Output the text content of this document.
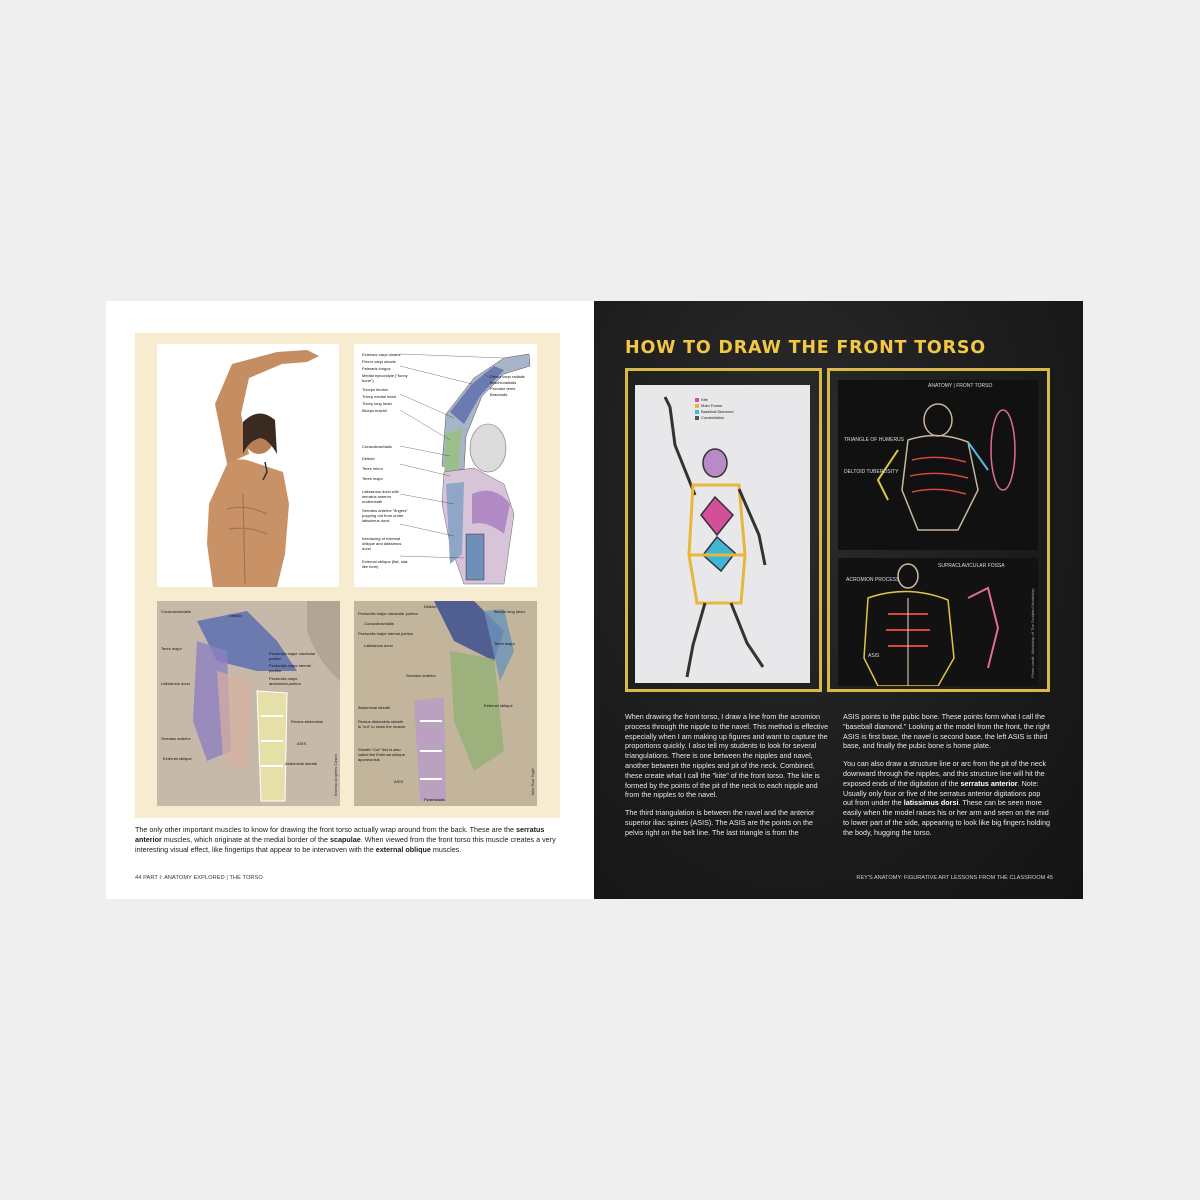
Extensor carpi ulnaris
Flexor carpi ulnaris
Palmaris longus
Medial epicondyle ("funny bone")
Triceps tendon
Tricep medial head
Tricep long head
Biceps brachii
Coracobrachialis
Deltoid
Teres minor
Teres major
Latissimus dorsi with serratus anterior underneath
Serratus anterior "fingers" popping out from under latissimus dorsi
Interlacing of external oblique and latissimus dorsi
External oblique (flat, slat-like form)
Flexor carpi radialis
Brachioradialis
Pronator teres
Brachialis
Coracobrachialis
Deltoid
Teres major
Latissimus dorsi
Pectoralis major clavicular portion
Pectoralis major sternal portion
Pectoralis major abdominal portion
Serratus anterior
External oblique
Rectus abdominis
ASIS
Abdominal sheath	Ernesto Angeles Castro
Deltoid
Pectoralis major clavicular portion
Coracobrachialis
Pectoralis major sternal portion
Biceps long head
Latissimus dorsi	Teres major
Serratus anterior
Abdominal sheath
Rectus abdominis sheath is "cut" to show the muscle
Sheath "Cut" this is also called the External oblique aponeurosis
External oblique
ASIS
Pyramidalis
Julio Ruiz Tagle
The only other important muscles to know for drawing the front torso actually wrap around from the back. These are the serratus anterior muscles, which originate at the medial border of the scapulae. When viewed from the front torso this muscle creates a very interesting visual effect, like fingertips that appear to be interwoven with the external oblique muscles.
44 PART I: ANATOMY EXPLORED | THE TORSO
HOW TO DRAW THE FRONT TORSO
Kite
Main Frame
Baseball Diamond
Constellation
ANATOMY | FRONT TORSO
TRIANGLE OF HUMERUS
DELTOID TUBEROSITY
ACROMION PROCESS
SUPRACLAVICULAR FOSSA
ASIS	Photo credit: Workshop of The Sculpted Workshop

When drawing the front torso, I draw a line from the acromion process through the nipple to the navel. This method is effective especially when I am making up figures and want to capture the proportions quickly. I also tell my students to look for several triangulations. There is one between the nipples and navel, another between the nipples and pit of the neck. Combined, these create what I call the "kite" of the front torso. The kite is formed by the points of the pit of the neck to each nipple and from the nipples to the navel.

The third triangulation is between the navel and the anterior superior iliac spines (ASIS). The ASIS are the points on the pelvis right on the belt line. The last triangle is from the

ASIS points to the pubic bone. These points form what I call the "baseball diamond." Looking at the model from the front, the right ASIS is first base, the navel is second base, the left ASIS is third base, and finally the pubic bone is home plate.

You can also draw a structure line or arc from the pit of the neck downward through the nipples, and this structure line will hit the exposed ends of the digitation of the serratus anterior. Note: Usually only four or five of the serratus anterior digitations pop out from under the latissimus dorsi. These can be seen more easily when the model raises his or her arm and seen on the mid to lower part of the side, appearing to look like big fingers holding the body, hugging the torso.

REY'S ANATOMY: FIGURATIVE ART LESSONS FROM THE CLASSROOM 45
